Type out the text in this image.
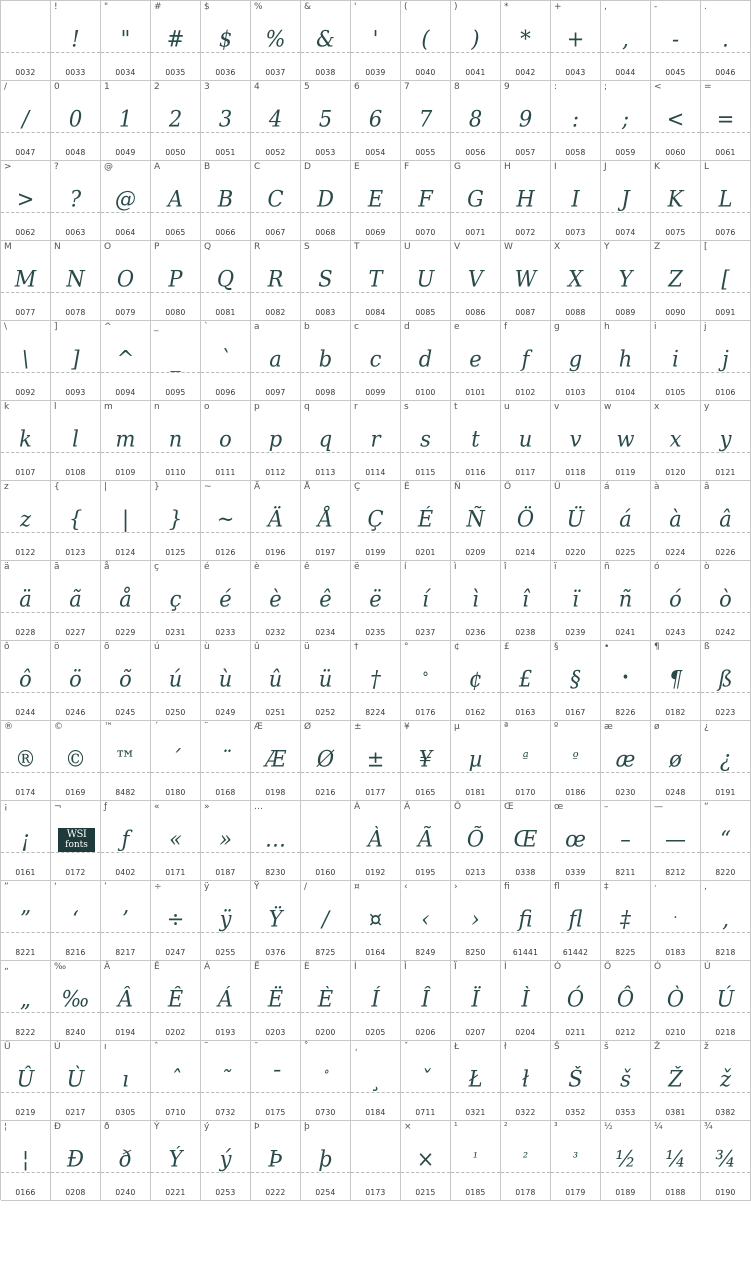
0032
!
!
0033
"
"
0034
#
#
0035
$
$
0036
%
%
0037
&
&
0038
'
'
0039
(
(
0040
)
)
0041
*
*
0042
+
+
0043
,
,
0044
-
-
0045
.
.
0046
/
/
0047
0
0
0048
1
1
0049
2
2
0050
3
3
0051
4
4
0052
5
5
0053
6
6
0054
7
7
0055
8
8
0056
9
9
0057
:
:
0058
;
;
0059
<
<
0060
=
=
0061
>
>
0062
?
?
0063
@
@
0064
A
A
0065
B
B
0066
C
C
0067
D
D
0068
E
E
0069
F
F
0070
G
G
0071
H
H
0072
I
I
0073
J
J
0074
K
K
0075
L
L
0076
M
M
0077
N
N
0078
O
O
0079
P
P
0080
Q
Q
0081
R
R
0082
S
S
0083
T
T
0084
U
U
0085
V
V
0086
W
W
0087
X
X
0088
Y
Y
0089
Z
Z
0090
[
[
0091
\
\
0092
]
]
0093
^
^
0094
_
_
0095
`
`
0096
a
a
0097
b
b
0098
c
c
0099
d
d
0100
e
e
0101
f
f
0102
g
g
0103
h
h
0104
i
i
0105
j
j
0106
k
k
0107
l
l
0108
m
m
0109
n
n
0110
o
o
0111
p
p
0112
q
q
0113
r
r
0114
s
s
0115
t
t
0116
u
u
0117
v
v
0118
w
w
0119
x
x
0120
y
y
0121
z
z
0122
{
{
0123
|
|
0124
}
}
0125
~
~
0126
Ä
Ä
0196
Å
Å
0197
Ç
Ç
0199
É
É
0201
Ñ
Ñ
0209
Ö
Ö
0214
Ü
Ü
0220
á
á
0225
à
à
0224
â
â
0226
ä
ä
0228
ã
ã
0227
å
å
0229
ç
ç
0231
é
é
0233
è
è
0232
ê
ê
0234
ë
ë
0235
í
í
0237
ì
ì
0236
î
î
0238
ï
ï
0239
ñ
ñ
0241
ó
ó
0243
ò
ò
0242
ô
ô
0244
ö
ö
0246
õ
õ
0245
ú
ú
0250
ù
ù
0249
û
û
0251
ü
ü
0252
†
†
8224
°
°
0176
¢
¢
0162
£
£
0163
§
§
0167
•
•
8226
¶
¶
0182
ß
ß
0223
®
®
0174
©
©
0169
™
™
8482
´
´
0180
¨
¨
0168
Æ
Æ
0198
Ø
Ø
0216
±
±
0177
¥
¥
0165
µ
µ
0181
ª
ª
0170
º
º
0186
æ
æ
0230
ø
ø
0248
¿
¿
0191
¡
¡
0161
¬
WSI
fonts
0172
ƒ
ƒ
0402
«
«
0171
»
»
0187
…
…
8230	0160
À
À
0192
Ã
Ã
0195
Õ
Õ
0213
Œ
Œ
0338
œ
œ
0339
–
–
8211
—
—
8212
“
“
8220
”
”
8221
‘
‘
8216
’
’
8217
÷
÷
0247
ÿ
ÿ
0255
Ÿ
Ÿ
0376
∕
∕
8725
¤
¤
0164
‹
‹
8249
›
›
8250
ﬁ
ﬁ
61441
ﬂ
ﬂ
61442
‡
‡
8225
·
·
0183
‚
‚
8218
„
„
8222
‰
‰
8240
Â
Â
0194
Ê
Ê
0202
Á
Á
0193
Ë
Ë
0203
È
È
0200
Í
Í
0205
Î
Î
0206
Ï
Ï
0207
Ì
Ì
0204
Ó
Ó
0211
Ô
Ô
0212
Ò
Ò
0210
Ú
Ú
0218
Û
Û
0219
Ù
Ù
0217
ı
ı
0305
ˆ
ˆ
0710
˜
˜
0732
¯
¯
0175
˚
˚
0730
¸
¸
0184
ˇ
ˇ
0711
Ł
Ł
0321
ł
ł
0322
Š
Š
0352
š
š
0353
Ž
Ž
0381
ž
ž
0382
¦
¦
0166
Ð
Ð
0208
ð
ð
0240
Ý
Ý
0221
ý
ý
0253
Þ
Þ
0222
þ
þ
0254	0173
×
×
0215
¹
¹
0185
²
²
0178
³
³
0179
½
½
0189
¼
¼
0188
¾
¾
0190
